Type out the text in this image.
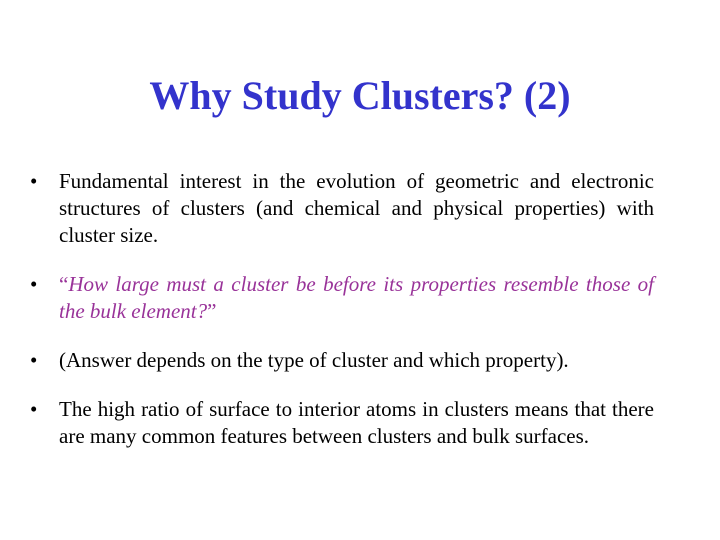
Why Study Clusters? (2)
•	Fundamental interest in the evolution of geometric and electronic structures of clusters (and chemical and physical properties) with cluster size.
•	“How large must a cluster be before its properties resemble those of the bulk element?”
•	(Answer depends on the type of cluster and which property).
•	The high ratio of surface to interior atoms in clusters means that there are many common features between clusters and bulk surfaces.
